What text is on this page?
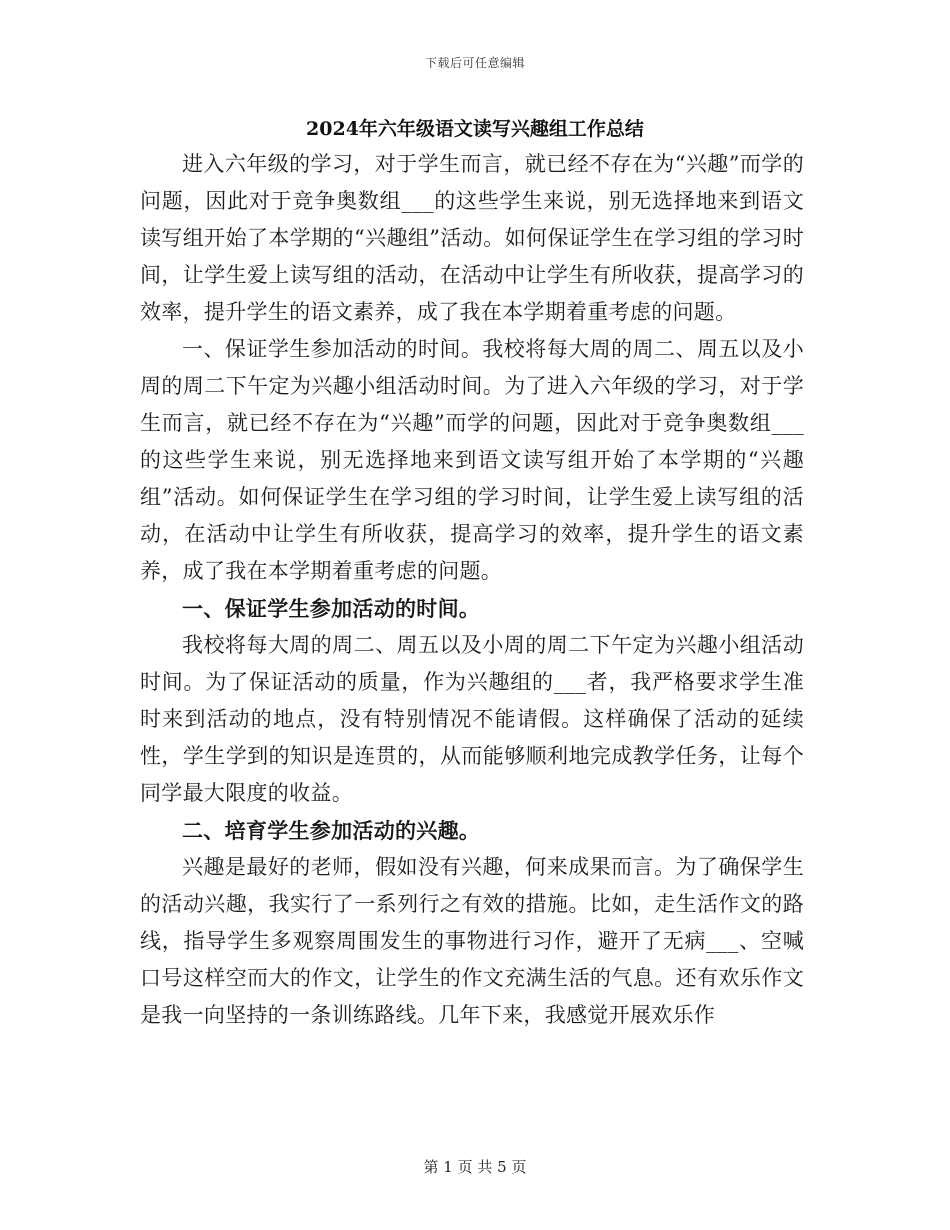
下载后可任意编辑
2024年六年级语文读写兴趣组工作总结

进入六年级的学习，对于学生而言，就已经不存在为“兴趣”而学的问题，因此对于竞争奥数组___的这些学生来说，别无选择地来到语文读写组开始了本学期的“兴趣组”活动。如何保证学生在学习组的学习时间，让学生爱上读写组的活动，在活动中让学生有所收获，提高学习的效率，提升学生的语文素养，成了我在本学期着重考虑的问题。

一、保证学生参加活动的时间。我校将每大周的周二、周五以及小周的周二下午定为兴趣小组活动时间。为了进入六年级的学习，对于学生而言，就已经不存在为“兴趣”而学的问题，因此对于竞争奥数组___的这些学生来说，别无选择地来到语文读写组开始了本学期的“兴趣组”活动。如何保证学生在学习组的学习时间，让学生爱上读写组的活动，在活动中让学生有所收获，提高学习的效率，提升学生的语文素养，成了我在本学期着重考虑的问题。

一、保证学生参加活动的时间。

我校将每大周的周二、周五以及小周的周二下午定为兴趣小组活动时间。为了保证活动的质量，作为兴趣组的___者，我严格要求学生准时来到活动的地点，没有特别情况不能请假。这样确保了活动的延续性，学生学到的知识是连贯的，从而能够顺利地完成教学任务，让每个同学最大限度的收益。

二、培育学生参加活动的兴趣。

兴趣是最好的老师，假如没有兴趣，何来成果而言。为了确保学生的活动兴趣，我实行了一系列行之有效的措施。比如，走生活作文的路线，指导学生多观察周围发生的事物进行习作，避开了无病___、空喊口号这样空而大的作文，让学生的作文充满生活的气息。还有欢乐作文是我一向坚持的一条训练路线。几年下来，我感觉开展欢乐作

第 1 页 共 5 页
